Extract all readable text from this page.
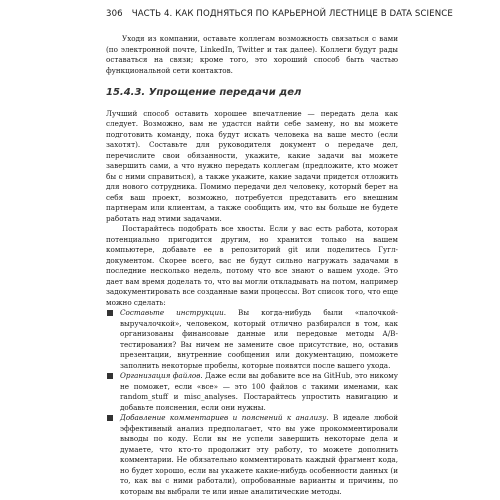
306 ЧАСТЬ 4. КАК ПОДНЯТЬСЯ ПО КАРЬЕРНОЙ ЛЕСТНИЦЕ В DATA SCIENCE

Уходя из компании, оставьте коллегам возможность связаться с вами (по электронной почте, LinkedIn, Twitter и так далее). Коллеги будут рады оставаться на связи; кроме того, это хороший способ быть частью функциональной сети контактов.

15.4.3. Упрощение передачи дел

Лучший способ оставить хорошее впечатление — передать дела как следует. Возможно, вам не удастся найти себе замену, но вы можете подготовить команду, пока будут искать человека на ваше место (если захотят). Составьте для руководителя документ о передаче дел, перечислите свои обязанности, укажите, какие задачи вы можете завершить сами, а что нужно передать коллегам (предложите, кто может бы с ними справиться), а также укажите, какие задачи придется отложить для нового сотрудника. Помимо передачи дел человеку, который берет на себя ваш проект, возможно, потребуется представить его внешним партнерам или клиентам, а также сообщить им, что вы больше не будете работать над этими задачами.

Постарайтесь подобрать все хвосты. Если у вас есть работа, которая потенциально пригодится другим, но хранится только на вашем компьютере, добавьте ее в репозиторий git или поделитесь Гугл-документом. Скорее всего, вас не будут сильно нагружать задачами в последние несколько недель, потому что все знают о вашем уходе. Это дает вам время доделать то, что вы могли откладывать на потом, например задокументировать все созданные вами процессы. Вот список того, что еще можно сделать:

Составьте инструкции. Вы когда-нибудь были «палочкой-выручалочкой», человеком, который отлично разбирался в том, как организованы финансовые данные или передовые методы A/B-тестирования? Вы ничем не замените свое присутствие, но, оставив презентации, внутренние сообщения или документацию, поможете заполнить некоторые пробелы, которые появятся после вашего ухода.
Организация файлов. Даже если вы добавите все на GitHub, это никому не поможет, если «все» — это 100 файлов с такими именами, как random_stuff и misc_analyses. Постарайтесь упростить навигацию и добавьте пояснения, если они нужны.
Добавление комментариев и пояснений к анализу. В идеале любой эффективный анализ предполагает, что вы уже прокомментировали выводы по коду. Если вы не успели завершить некоторые дела и думаете, что кто-то продолжит эту работу, то можете дополнить комментарии. Не обязательно комментировать каждый фрагмент кода, но будет хорошо, если вы укажете какие-нибудь особенности данных (и то, как вы с ними работали), опробованные варианты и причины, по которым вы выбрали те или иные аналитические методы.
